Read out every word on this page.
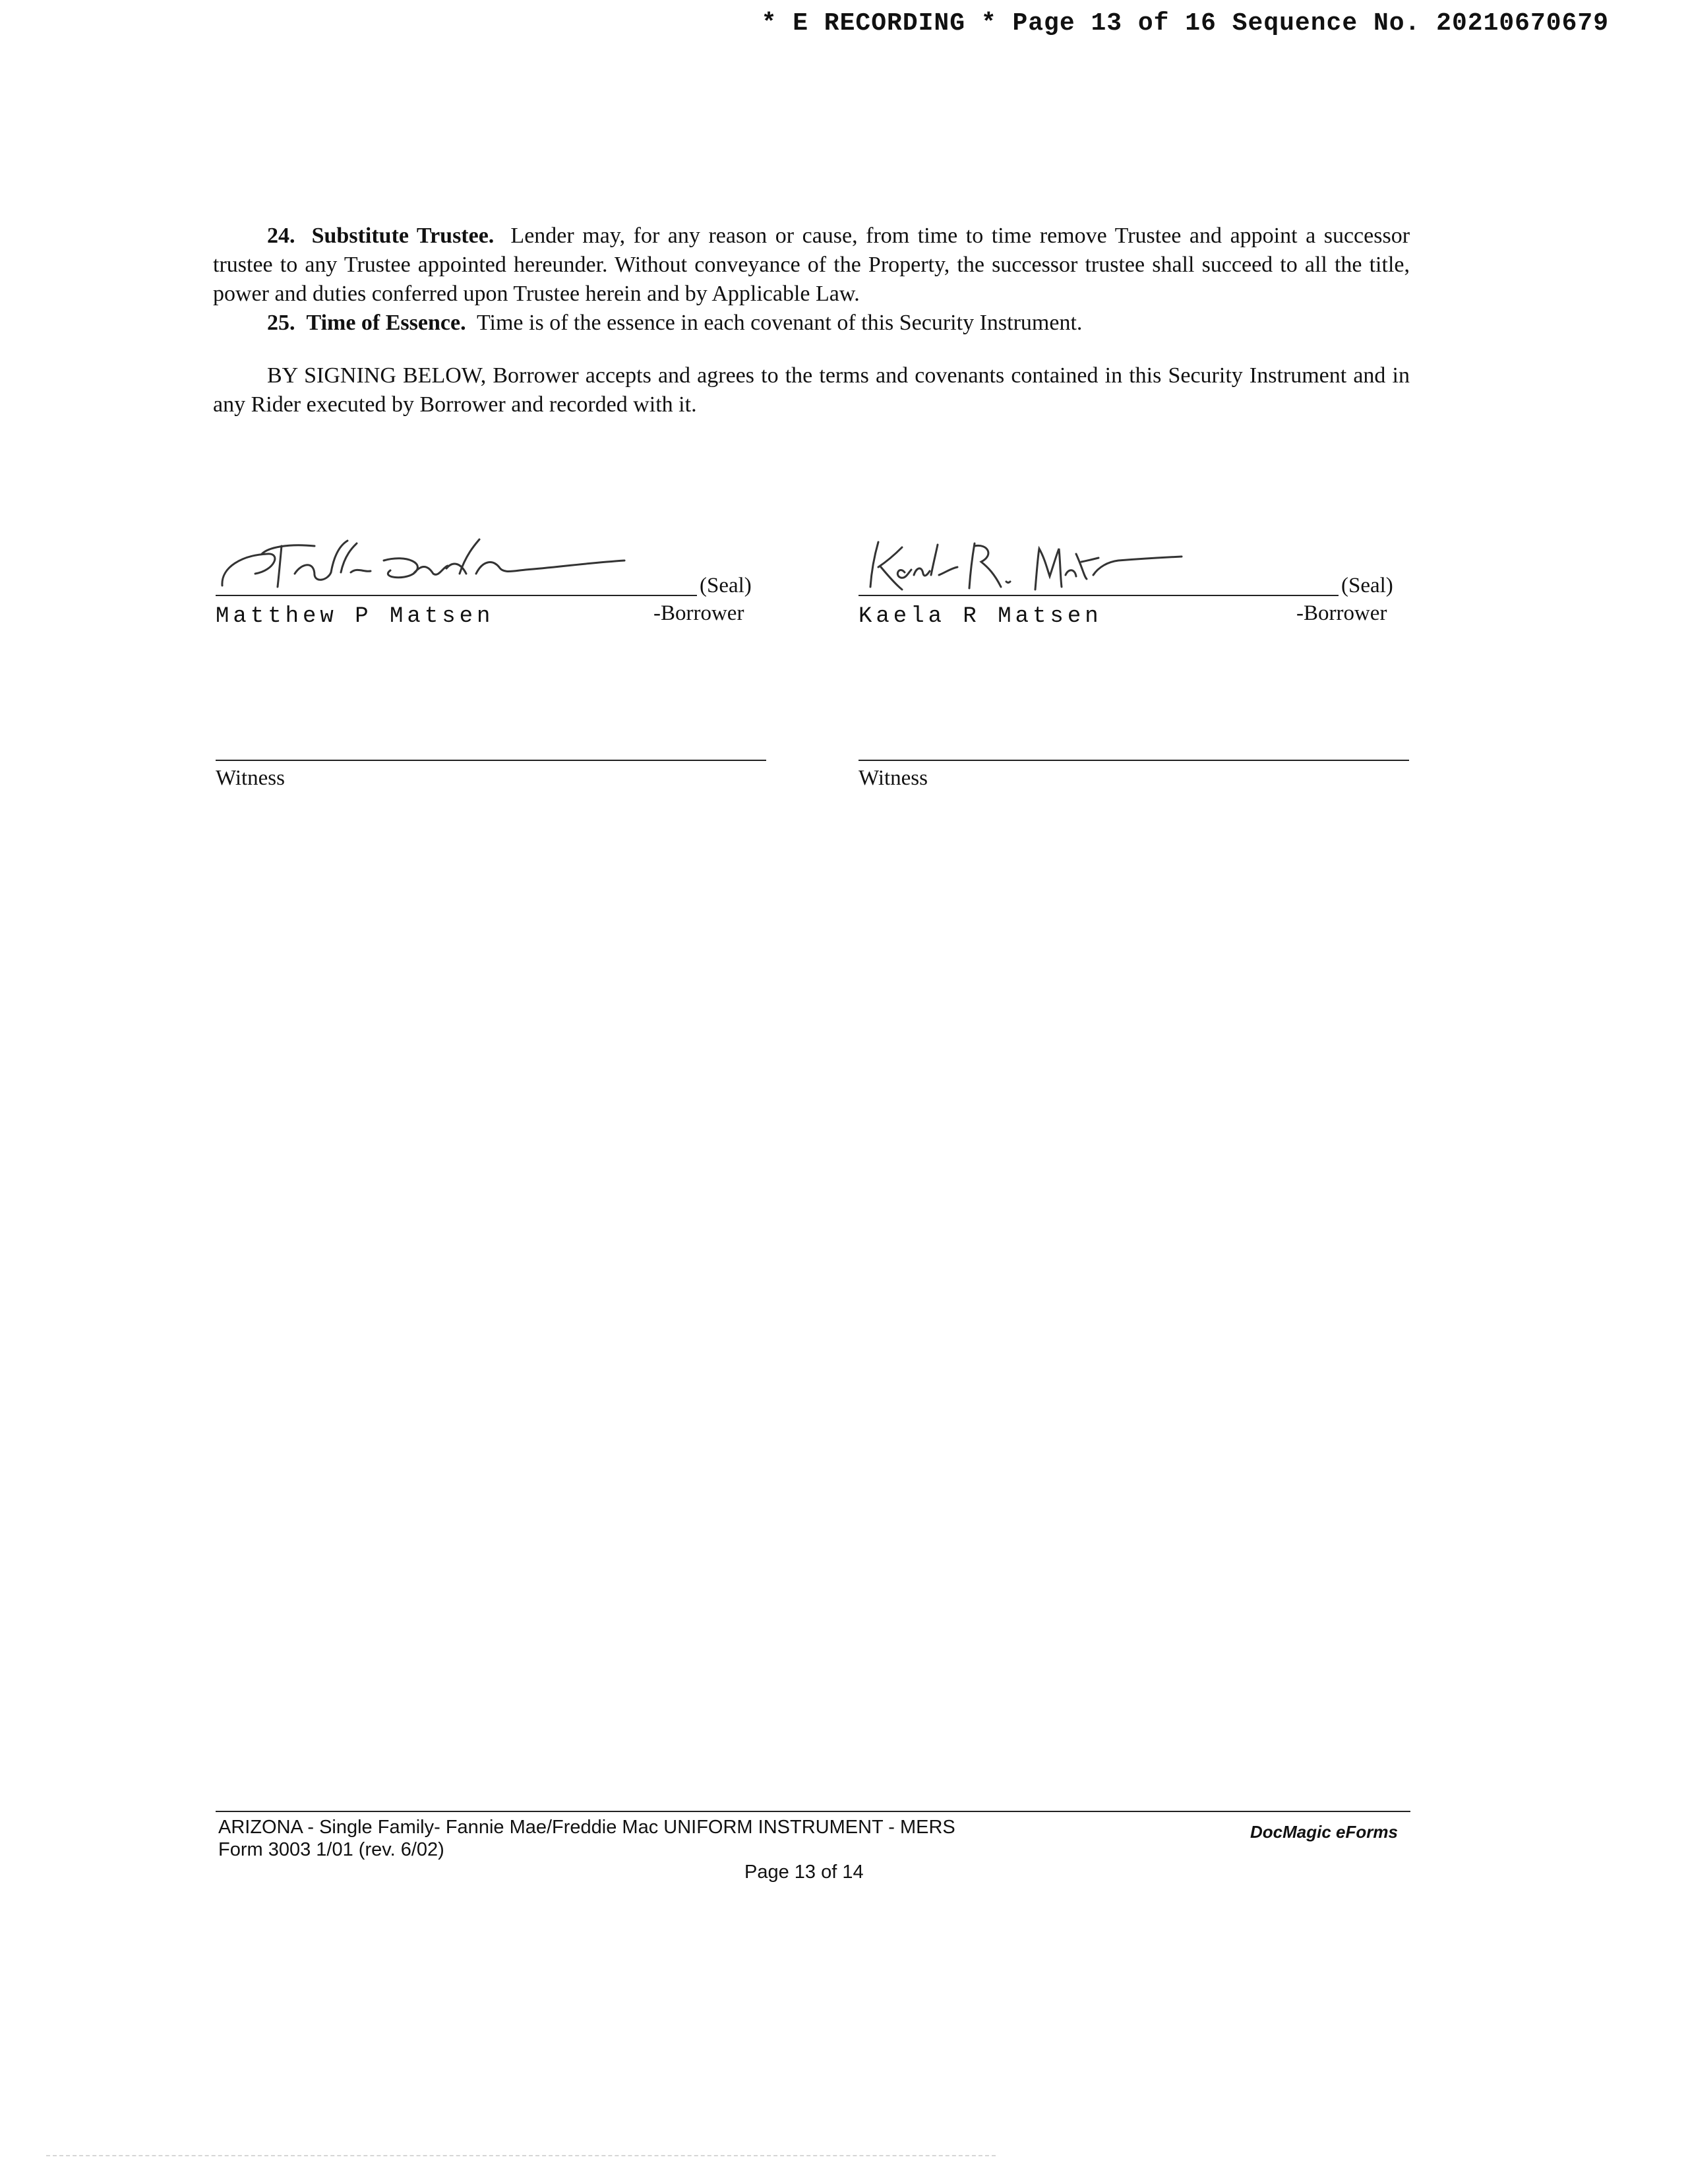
* E RECORDING * Page 13 of 16 Sequence No. 20210670679

24. Substitute Trustee. Lender may, for any reason or cause, from time to time remove Trustee and appoint a successor trustee to any Trustee appointed hereunder. Without conveyance of the Property, the successor trustee shall succeed to all the title, power and duties conferred upon Trustee herein and by Applicable Law.

25. Time of Essence. Time is of the essence in each covenant of this Security Instrument.

BY SIGNING BELOW, Borrower accepts and agrees to the terms and covenants contained in this Security Instrument and in any Rider executed by Borrower and recorded with it.

(Seal)
Matthew P Matsen	-Borrower
(Seal)
Kaela R Matsen	-Borrower
Witness	Witness
ARIZONA - Single Family- Fannie Mae/Freddie Mac UNIFORM INSTRUMENT - MERS
Form 3003 1/01 (rev. 6/02)
Page 13 of 14
DocMagic eForms
